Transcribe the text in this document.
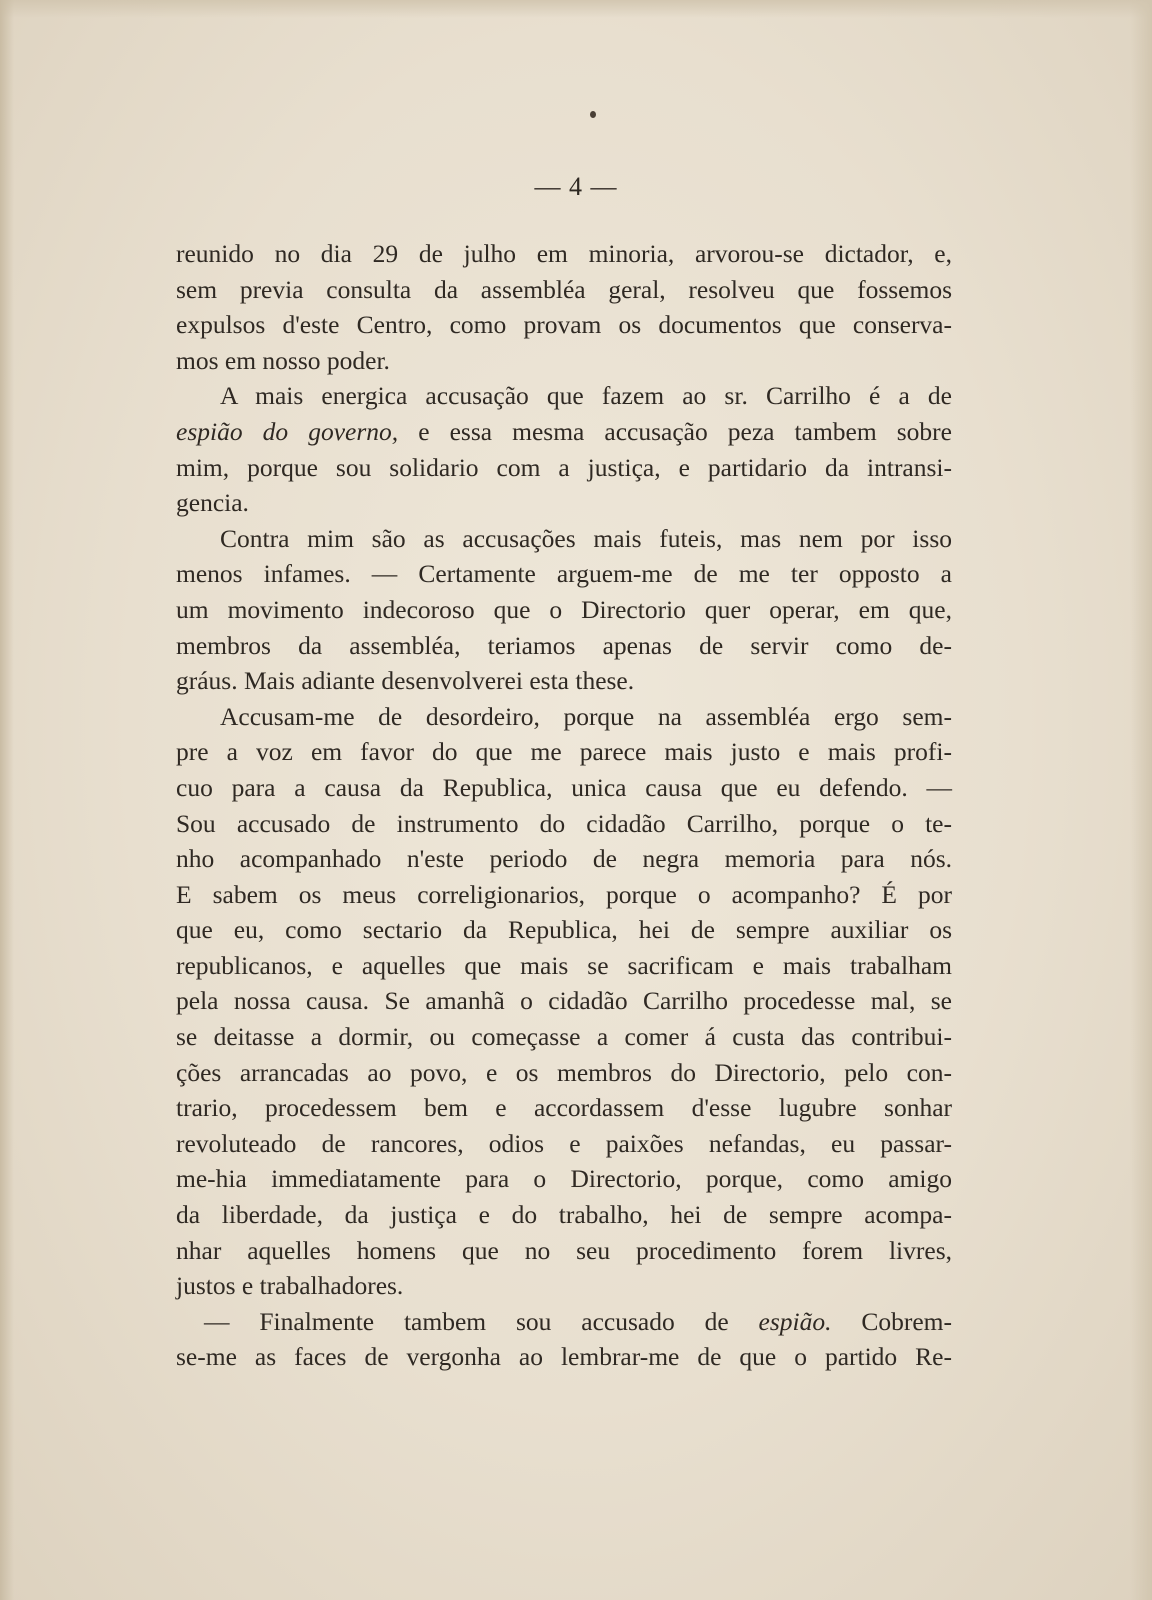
— 4 —
reunido no dia 29 de julho em minoria, arvorou-se dictador, e,
sem previa consulta da assembléa geral, resolveu que fossemos
expulsos d'este Centro, como provam os documentos que conserva-
mos em nosso poder.
A mais energica accusação que fazem ao sr. Carrilho é a de
espião do governo, e essa mesma accusação peza tambem sobre
mim, porque sou solidario com a justiça, e partidario da intransi-
gencia.
Contra mim são as accusações mais futeis, mas nem por isso
menos infames. — Certamente arguem-me de me ter opposto a
um movimento indecoroso que o Directorio quer operar, em que,
membros da assembléa, teriamos apenas de servir como de-
gráus. Mais adiante desenvolverei esta these.
Accusam-me de desordeiro, porque na assembléa ergo sem-
pre a voz em favor do que me parece mais justo e mais profi-
cuo para a causa da Republica, unica causa que eu defendo. —
Sou accusado de instrumento do cidadão Carrilho, porque o te-
nho acompanhado n'este periodo de negra memoria para nós.
E sabem os meus correligionarios, porque o acompanho? É por
que eu, como sectario da Republica, hei de sempre auxiliar os
republicanos, e aquelles que mais se sacrificam e mais trabalham
pela nossa causa. Se amanhã o cidadão Carrilho procedesse mal, se
se deitasse a dormir, ou começasse a comer á custa das contribui-
ções arrancadas ao povo, e os membros do Directorio, pelo con-
trario, procedessem bem e accordassem d'esse lugubre sonhar
revoluteado de rancores, odios e paixões nefandas, eu passar-
me-hia immediatamente para o Directorio, porque, como amigo
da liberdade, da justiça e do trabalho, hei de sempre acompa-
nhar aquelles homens que no seu procedimento forem livres,
justos e trabalhadores.
— Finalmente tambem sou accusado de espião. Cobrem-
se-me as faces de vergonha ao lembrar-me de que o partido Re-
